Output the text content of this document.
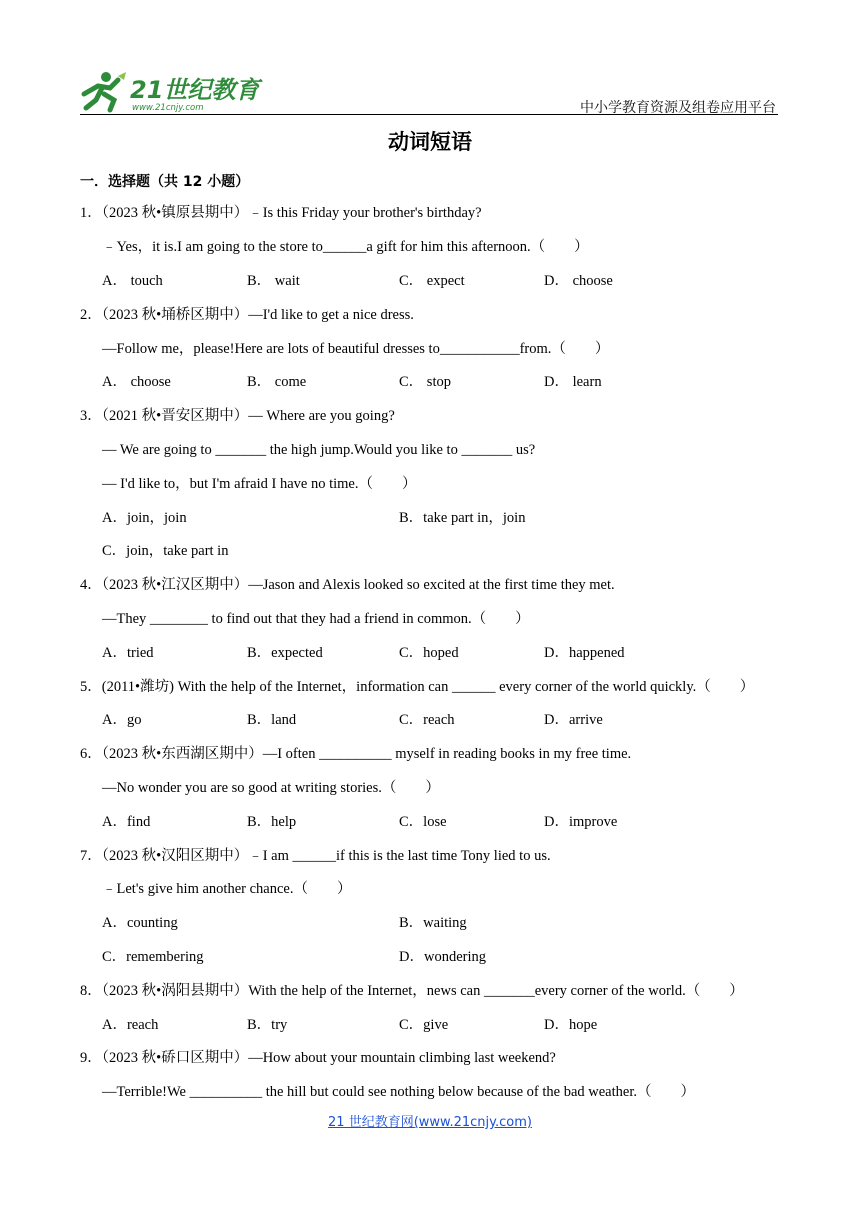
21世纪教育
www.21cnjy.com	中小学教育资源及组卷应用平台
动词短语
一．选择题（共 12 小题）
1．（2023 秋•镇原县期中）﹣Is this Friday your brother's birthday?
﹣Yes，it is.I am going to the store to______a gift for him this afternoon.（　　）
A． touch	B． wait	C． expect	D． choose
2．（2023 秋•埇桥区期中）—I'd like to get a nice dress.
—Follow me，please!Here are lots of beautiful dresses to___________from.（　　）
A． choose	B． come	C． stop	D． learn
3．（2021 秋•晋安区期中）— Where are you going?
— We are going to _______ the high jump.Would you like to _______ us?
— I'd like to，but I'm afraid I have no time.（　　）
A．join，join	B．take part in，join
C．join，take part in
4．（2023 秋•江汉区期中）—Jason and Alexis looked so excited at the first time they met.
—They ________ to find out that they had a friend in common.（　　）
A．tried	B．expected	C．hoped	D．happened
5．(2011•潍坊) With the help of the Internet，information can ______ every corner of the world quickly.（　　）
A．go	B．land	C．reach	D．arrive
6．（2023 秋•东西湖区期中）—I often __________ myself in reading books in my free time.
—No wonder you are so good at writing stories.（　　）
A．find	B．help	C．lose	D．improve
7．（2023 秋•汉阳区期中）﹣I am ______if this is the last time Tony lied to us.
﹣Let's give him another chance.（　　）
A．counting	B．waiting
C．remembering	D．wondering
8．（2023 秋•涡阳县期中）With the help of the Internet，news can _______every corner of the world.（　　）
A．reach	B．try	C．give	D．hope
9．（2023 秋•硚口区期中）—How about your mountain climbing last weekend?
—Terrible!We __________ the hill but could see nothing below because of the bad weather.（　　）
21 世纪教育网(www.21cnjy.com)
